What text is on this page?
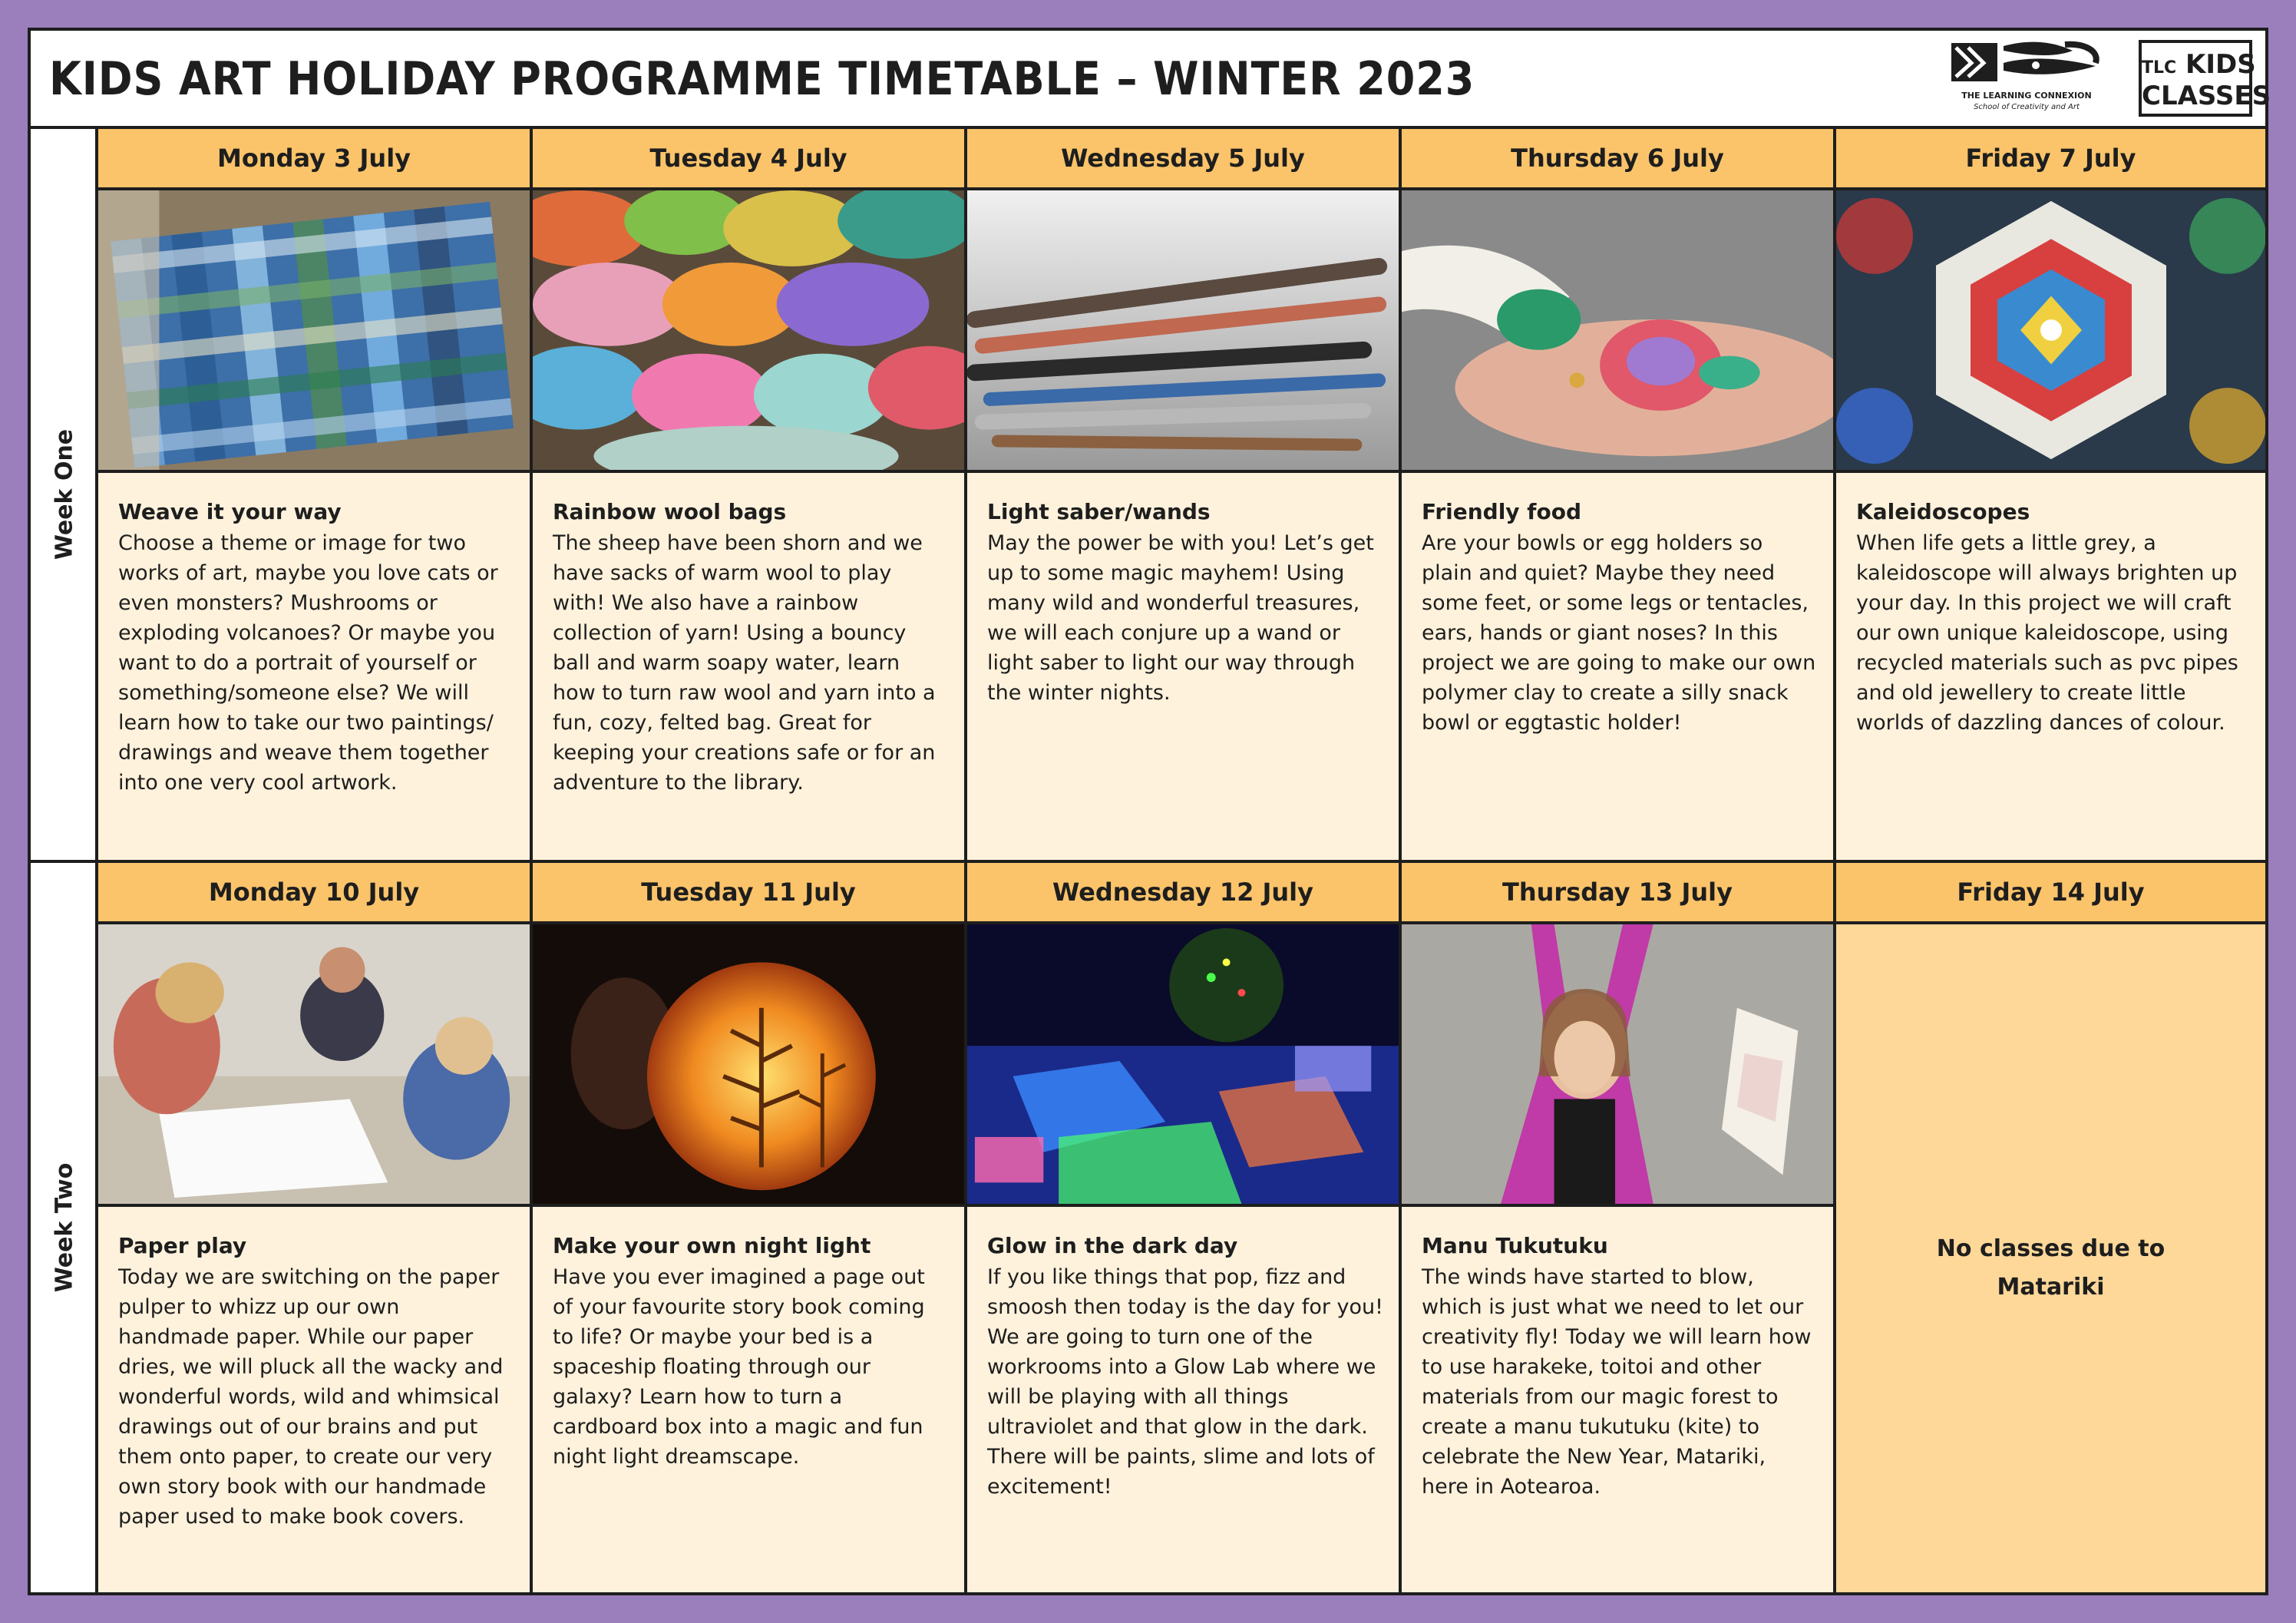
KIDS ART HOLIDAY PROGRAMME TIMETABLE – WINTER 2023	THE LEARNING CONNEXION
School of Creativity and Art
TLC KIDS
CLASSES
Week One
Monday 3 July
Weave it your way
Choose a theme or image for two works of art, maybe you love cats or even monsters? Mushrooms or exploding volcanoes? Or maybe you want to do a portrait of yourself or something/someone else? We will learn how to take our two paintings/ drawings and weave them together into one very cool artwork.
Tuesday 4 July
Rainbow wool bags
The sheep have been shorn and we have sacks of warm wool to play with! We also have a rainbow collection of yarn! Using a bouncy ball and warm soapy water, learn how to turn raw wool and yarn into a fun, cozy, felted bag. Great for keeping your creations safe or for an adventure to the library.
Wednesday 5 July
Light saber/wands
May the power be with you! Let’s get up to some magic mayhem! Using many wild and wonderful treasures, we will each conjure up a wand or light saber to light our way through the winter nights.
Thursday 6 July
Friendly food
Are your bowls or egg holders so plain and quiet? Maybe they need some feet, or some legs or tentacles, ears, hands or giant noses? In this project we are going to make our own polymer clay to create a silly snack bowl or eggtastic holder!
Friday 7 July
Kaleidoscopes
When life gets a little grey, a kaleidoscope will always brighten up your day. In this project we will craft our own unique kaleidoscope, using recycled materials such as pvc pipes and old jewellery to create little worlds of dazzling dances of colour.
Week Two
Monday 10 July
Paper play
Today we are switching on the paper pulper to whizz up our own handmade paper. While our paper dries, we will pluck all the wacky and wonderful words, wild and whimsical drawings out of our brains and put them onto paper, to create our very own story book with our handmade paper used to make book covers.
Tuesday 11 July
Make your own night light
Have you ever imagined a page out of your favourite story book coming to life? Or maybe your bed is a spaceship floating through our galaxy? Learn how to turn a cardboard box into a magic and fun night light dreamscape.
Wednesday 12 July
Glow in the dark day
If you like things that pop, fizz and smoosh then today is the day for you! We are going to turn one of the workrooms into a Glow Lab where we will be playing with all things ultraviolet and that glow in the dark. There will be paints, slime and lots of excitement!
Thursday 13 July
Manu Tukutuku
The winds have started to blow, which is just what we need to let our creativity fly! Today we will learn how to use harakeke, toitoi and other materials from our magic forest to create a manu tukutuku (kite) to celebrate the New Year, Matariki, here in Aotearoa.
Friday 14 July
No classes due to
Matariki
